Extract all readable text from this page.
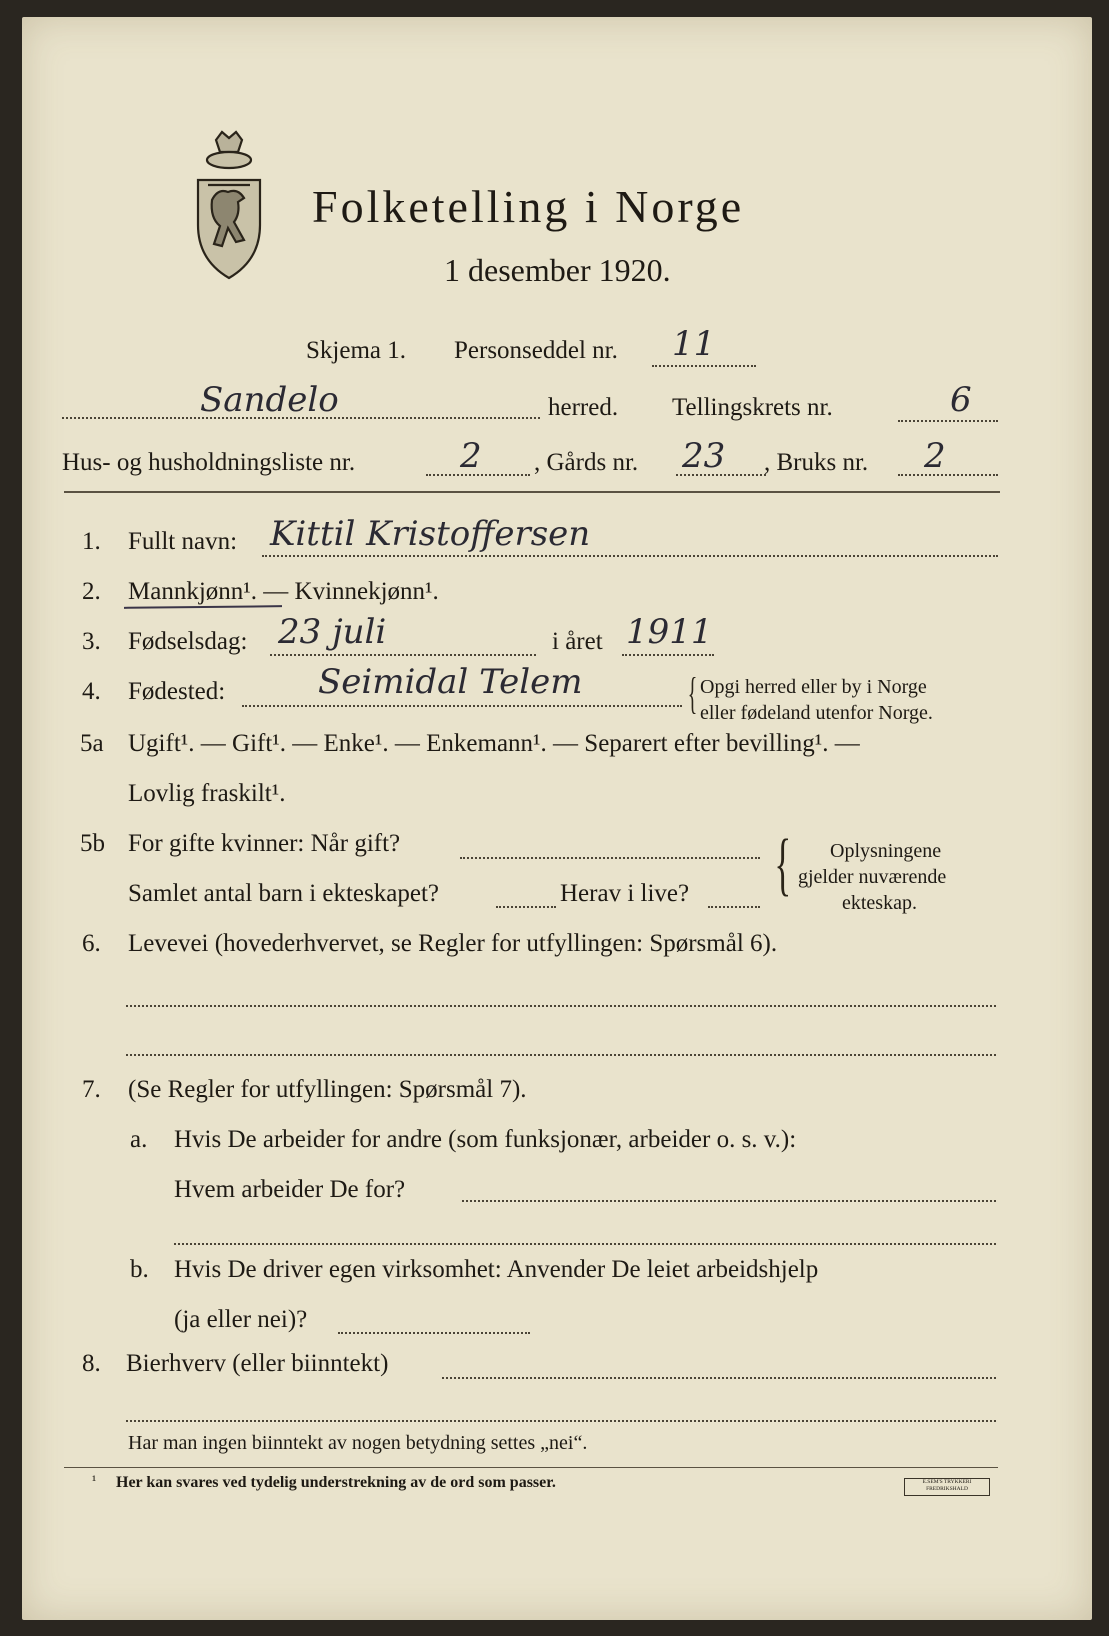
Folketelling i Norge
1 desember 1920.
Skjema 1. Personseddel nr. 11
Sandelo	herred. Tellingskrets nr.	6
Hus- og husholdningsliste nr.	2 , Gårds nr. 23 , Bruks nr. 2
1. Fullt navn: Kittil Kristoffersen
2. Mannkjønn¹. — Kvinnekjønn¹.
3. Fødselsdag: 23 juli	i året 1911
4. Fødested:	Seimidal Telem { Opgi herred eller by i Norge
eller fødeland utenfor Norge.
5a Ugift¹. — Gift¹. — Enke¹. — Enkemann¹. — Separert efter bevilling¹. —
Lovlig fraskilt¹.
5b For gifte kvinner: Når gift?
Samlet antal barn i ekteskapet?	Herav i live? { Oplysningene
gjelder nuværende
ekteskap.
6. Levevei (hovederhvervet, se Regler for utfyllingen: Spørsmål 6).
7. (Se Regler for utfyllingen: Spørsmål 7).
a. Hvis De arbeider for andre (som funksjonær, arbeider o. s. v.):
Hvem arbeider De for?
b. Hvis De driver egen virksomhet: Anvender De leiet arbeidshjelp
(ja eller nei)?
8. Bierhverv (eller biinntekt)
Har man ingen biinntekt av nogen betydning settes „nei“.
¹ Her kan svares ved tydelig understrekning av de ord som passer.	E.SEM'S TRYKKERI FREDRIKSHALD
